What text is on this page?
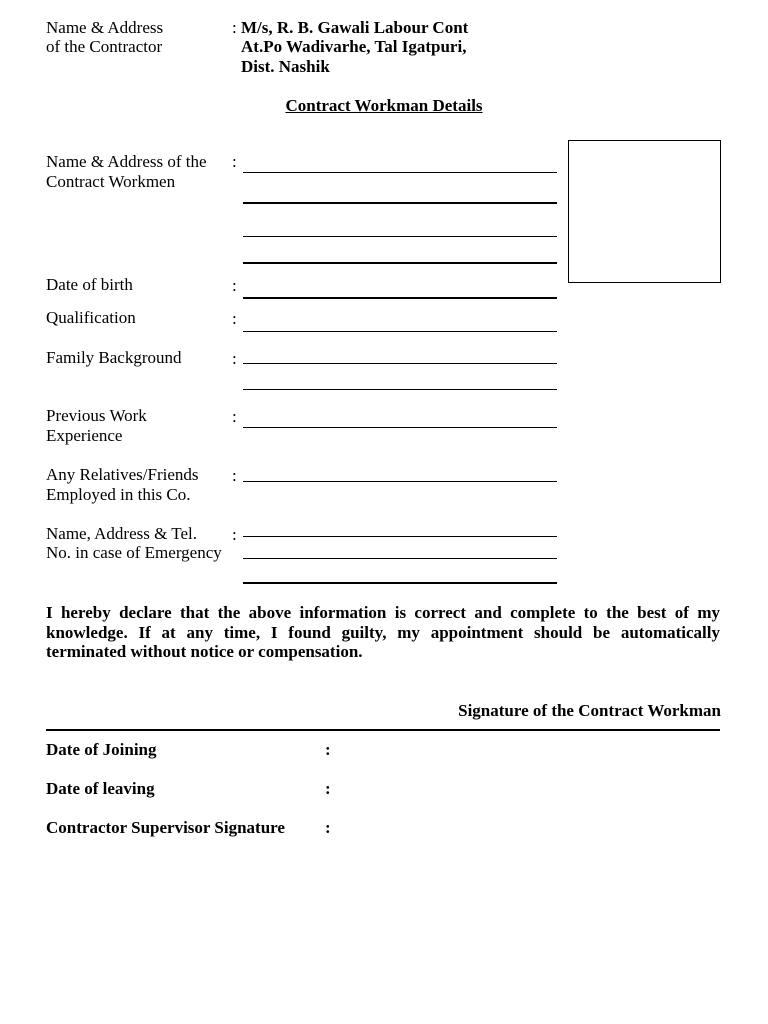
Name & Address
of the Contractor
: M/s, R. B. Gawali Labour Cont
At.Po Wadivarhe, Tal Igatpuri,
Dist. Nashik
Contract Workman Details
Name & Address of the
Contract Workmen
:
Date of birth	:
Qualification	:
Family Background	:
Previous Work
Experience
:
Any Relatives/Friends
Employed in this Co.
:
Name, Address & Tel.
No. in case of Emergency
:
I hereby declare that the above information is correct and complete to the best of my knowledge. If at any time, I found guilty, my appointment should be automatically terminated without notice or compensation.
Signature of the Contract Workman
Date of Joining	:
Date of leaving	:
Contractor Supervisor Signature :
